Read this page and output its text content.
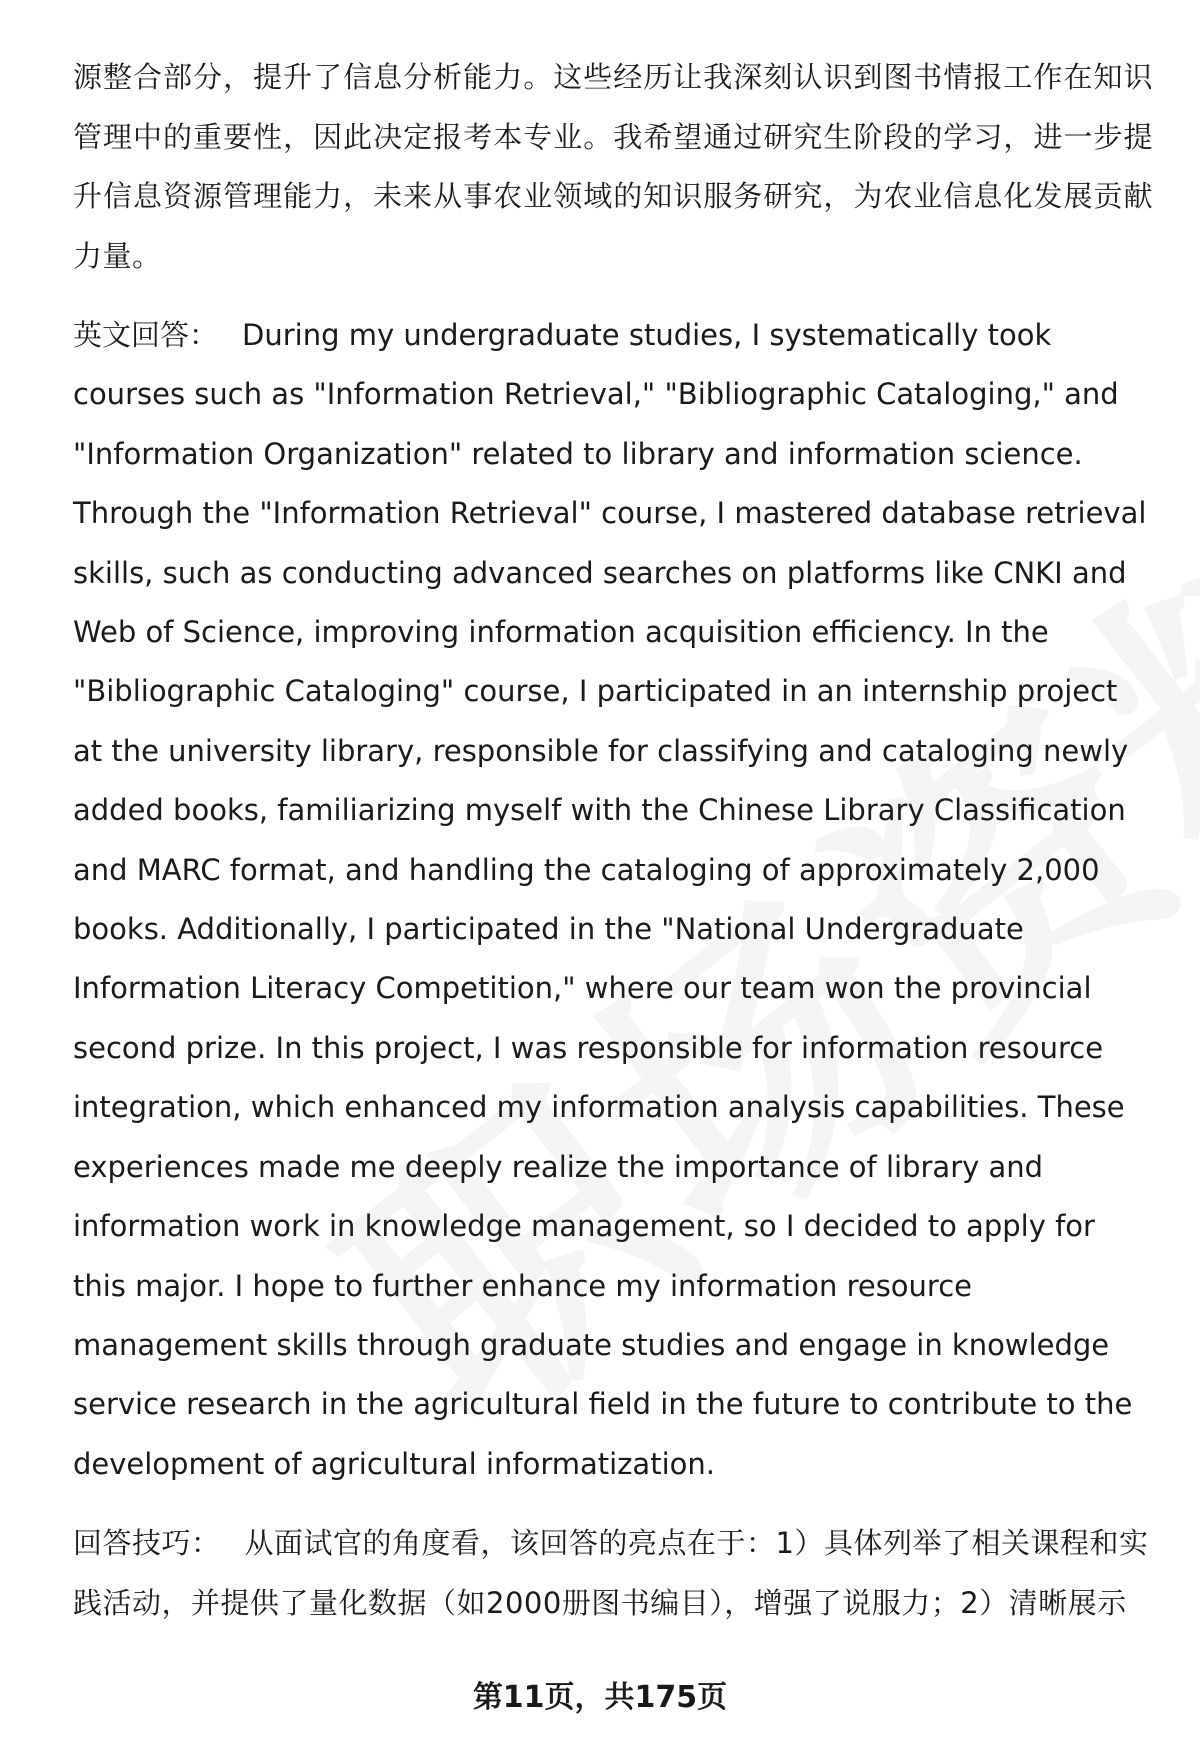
源整合部分，提升了信息分析能力。这些经历让我深刻认识到图书情报工作在知识管理中的重要性，因此决定报考本专业。我希望通过研究生阶段的学习，进一步提升信息资源管理能力，未来从事农业领域的知识服务研究，为农业信息化发展贡献力量。

英文回答： During my undergraduate studies, I systematically took courses such as "Information Retrieval," "Bibliographic Cataloging," and "Information Organization" related to library and information science. Through the "Information Retrieval" course, I mastered database retrieval skills, such as conducting advanced searches on platforms like CNKI and Web of Science, improving information acquisition efficiency. In the "Bibliographic Cataloging" course, I participated in an internship project at the university library, responsible for classifying and cataloging newly added books, familiarizing myself with the Chinese Library Classification and MARC format, and handling the cataloging of approximately 2,000 books. Additionally, I participated in the "National Undergraduate Information Literacy Competition," where our team won the provincial second prize. In this project, I was responsible for information resource integration, which enhanced my information analysis capabilities. These experiences made me deeply realize the importance of library and information work in knowledge management, so I decided to apply for this major. I hope to further enhance my information resource management skills through graduate studies and engage in knowledge service research in the agricultural field in the future to contribute to the development of agricultural informatization.

回答技巧： 从面试官的角度看，该回答的亮点在于：1）具体列举了相关课程和实践活动，并提供了量化数据（如2000册图书编目），增强了说服力；2）清晰展示

第11页，共175页
